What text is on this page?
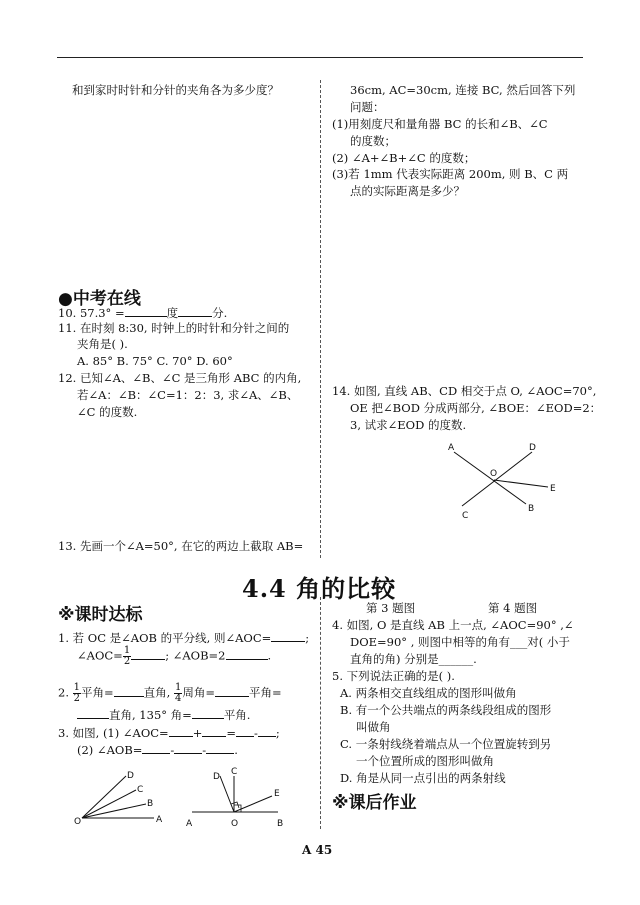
和到家时时针和分针的夹角各为多少度？
●中考在线
10. 57.3° =	度	分.
11. 在时刻 8:30, 时钟上的时针和分针之间的
夹角是( ).
A. 85° B. 75° C. 70° D. 60°
12. 已知∠A、∠B、∠C 是三角形 ABC 的内角,
若∠A：∠B：∠C=1：2：3, 求∠A、∠B、
∠C 的度数.
13. 先画一个∠A=50°, 在它的两边上截取 AB=
36cm, AC=30cm, 连接 BC, 然后回答下列
问题：
(1)用刻度尺和量角器 BC 的长和∠B、∠C
的度数；
(2) ∠A+∠B+∠C 的度数；
(3)若 1mm 代表实际距离 200m, 则 B、C 两
点的实际距离是多少？
14. 如图, 直线 AB、CD 相交于点 O, ∠AOC=70°,
OE 把∠BOD 分成两部分, ∠BOE：∠EOD=2：
3, 试求∠EOD 的度数.
A	D
O
E
C
B
4.4 角的比较
※课时达标
1. 若 OC 是∠AOB 的平分线, 则∠AOC=	;
∠AOC= $\frac{1}{2}$	; ∠AOB=2	.
2. $\frac{1}{2}$ 平角=	直角, $\frac{1}{4}$ 周角=	平角=
直角, 135° 角=	平角.
3. 如图, (1) ∠AOC= + = - ;
(2) ∠AOB= - - .
D
C
B
O	A
C
D
E
A	O	B
第 3 题图	第 4 题图
4. 如图, O 是直线 AB 上一点, ∠AOC=90° ,∠
DOE=90° , 则图中相等的角有___对( 小于
直角的角) 分别是______.
5. 下列说法正确的是( ).
A. 两条相交直线组成的图形叫做角
B. 有一个公共端点的两条线段组成的图形
叫做角
C. 一条射线绕着端点从一个位置旋转到另
一个位置所成的图形叫做角
D. 角是从同一点引出的两条射线
※课后作业
A 45
